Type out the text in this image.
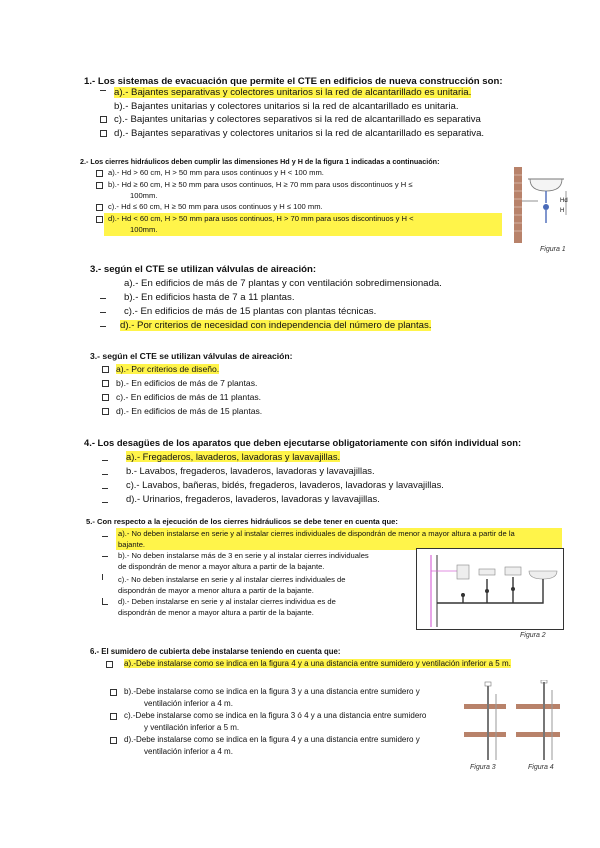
1.- Los sistemas de evacuación que permite el CTE en edificios de nueva construcción son:
a).- Bajantes separativas y colectores unitarios si la red de alcantarillado es unitaria.
b).- Bajantes unitarias y colectores unitarios si la red de alcantarillado es unitaria.
c).- Bajantes unitarias y colectores separativos si la red de alcantarillado es separativa
d).- Bajantes separativas y colectores unitarios si la red de alcantarillado es separativa.
2.- Los cierres hidráulicos deben cumplir las dimensiones Hd y H de la figura 1 indicadas a continuación:
a).- Hd > 60 cm, H > 50 mm para usos continuos y H < 100 mm.
b).- Hd ≥ 60 cm, H ≥ 50 mm para usos continuos, H ≥ 70 mm para usos discontinuos y H ≤
100mm.
c).- Hd ≤ 60 cm, H ≥ 50 mm para usos continuos y H ≤ 100 mm.
d).- Hd < 60 cm, H > 50 mm para usos continuos, H > 70 mm para usos discontinuos y H <
100mm.
Hd
H
Figura 1
3.- según el CTE se utilizan válvulas de aireación:
a).- En edificios de más de 7 plantas y con ventilación sobredimensionada.
b).- En edificios hasta de 7 a 11 plantas.
c).- En edificios de más de 15 plantas con plantas técnicas.
d).- Por criterios de necesidad con independencia del número de plantas.
3.- según el CTE se utilizan válvulas de aireación:
a).- Por criterios de diseño.
b).- En edificios de más de 7 plantas.
c).- En edificios de más de 11 plantas.
d).- En edificios de más de 15 plantas.
4.- Los desagües de los aparatos que deben ejecutarse obligatoriamente con sifón individual son:
a).- Fregaderos, lavaderos, lavadoras y lavavajillas.
b.- Lavabos, fregaderos, lavaderos, lavadoras y lavavajillas.
c).- Lavabos, bañeras, bidés, fregaderos, lavaderos, lavadoras y lavavajillas.
d).- Urinarios, fregaderos, lavaderos, lavadoras y lavavajillas.
5.- Con respecto a la ejecución de los cierres hidráulicos se debe tener en cuenta que:
a).- No deben instalarse en serie y al instalar cierres individuales de dispondrán de menor a mayor altura a partir de la
bajante.
b).- No deben instalarse más de 3 en serie y al instalar cierres individuales
de dispondrán de menor a mayor altura a partir de la bajante.
c).- No deben instalarse en serie y al instalar cierres individuales de
dispondrán de mayor a menor altura a partir de la bajante.
d).- Deben instalarse en serie y al instalar cierres individua es de
dispondrán de menor a mayor altura a partir de la bajante.
Figura 2
6.- El sumidero de cubierta debe instalarse teniendo en cuenta que:
a).-Debe instalarse como se indica en la figura 4 y a una distancia entre sumidero y ventilación inferior a 5 m.
b).-Debe instalarse como se indica en la figura 3 y a una distancia entre sumidero y
ventilación inferior a 4 m.
c).-Debe instalarse como se indica en la figura 3 ó 4 y a una distancia entre sumidero
y ventilación inferior a 5 m.
d).-Debe instalarse como se indica en la figura 4 y a una distancia entre sumidero y
ventilación inferior a 4 m.
Figura 3	Figura 4
